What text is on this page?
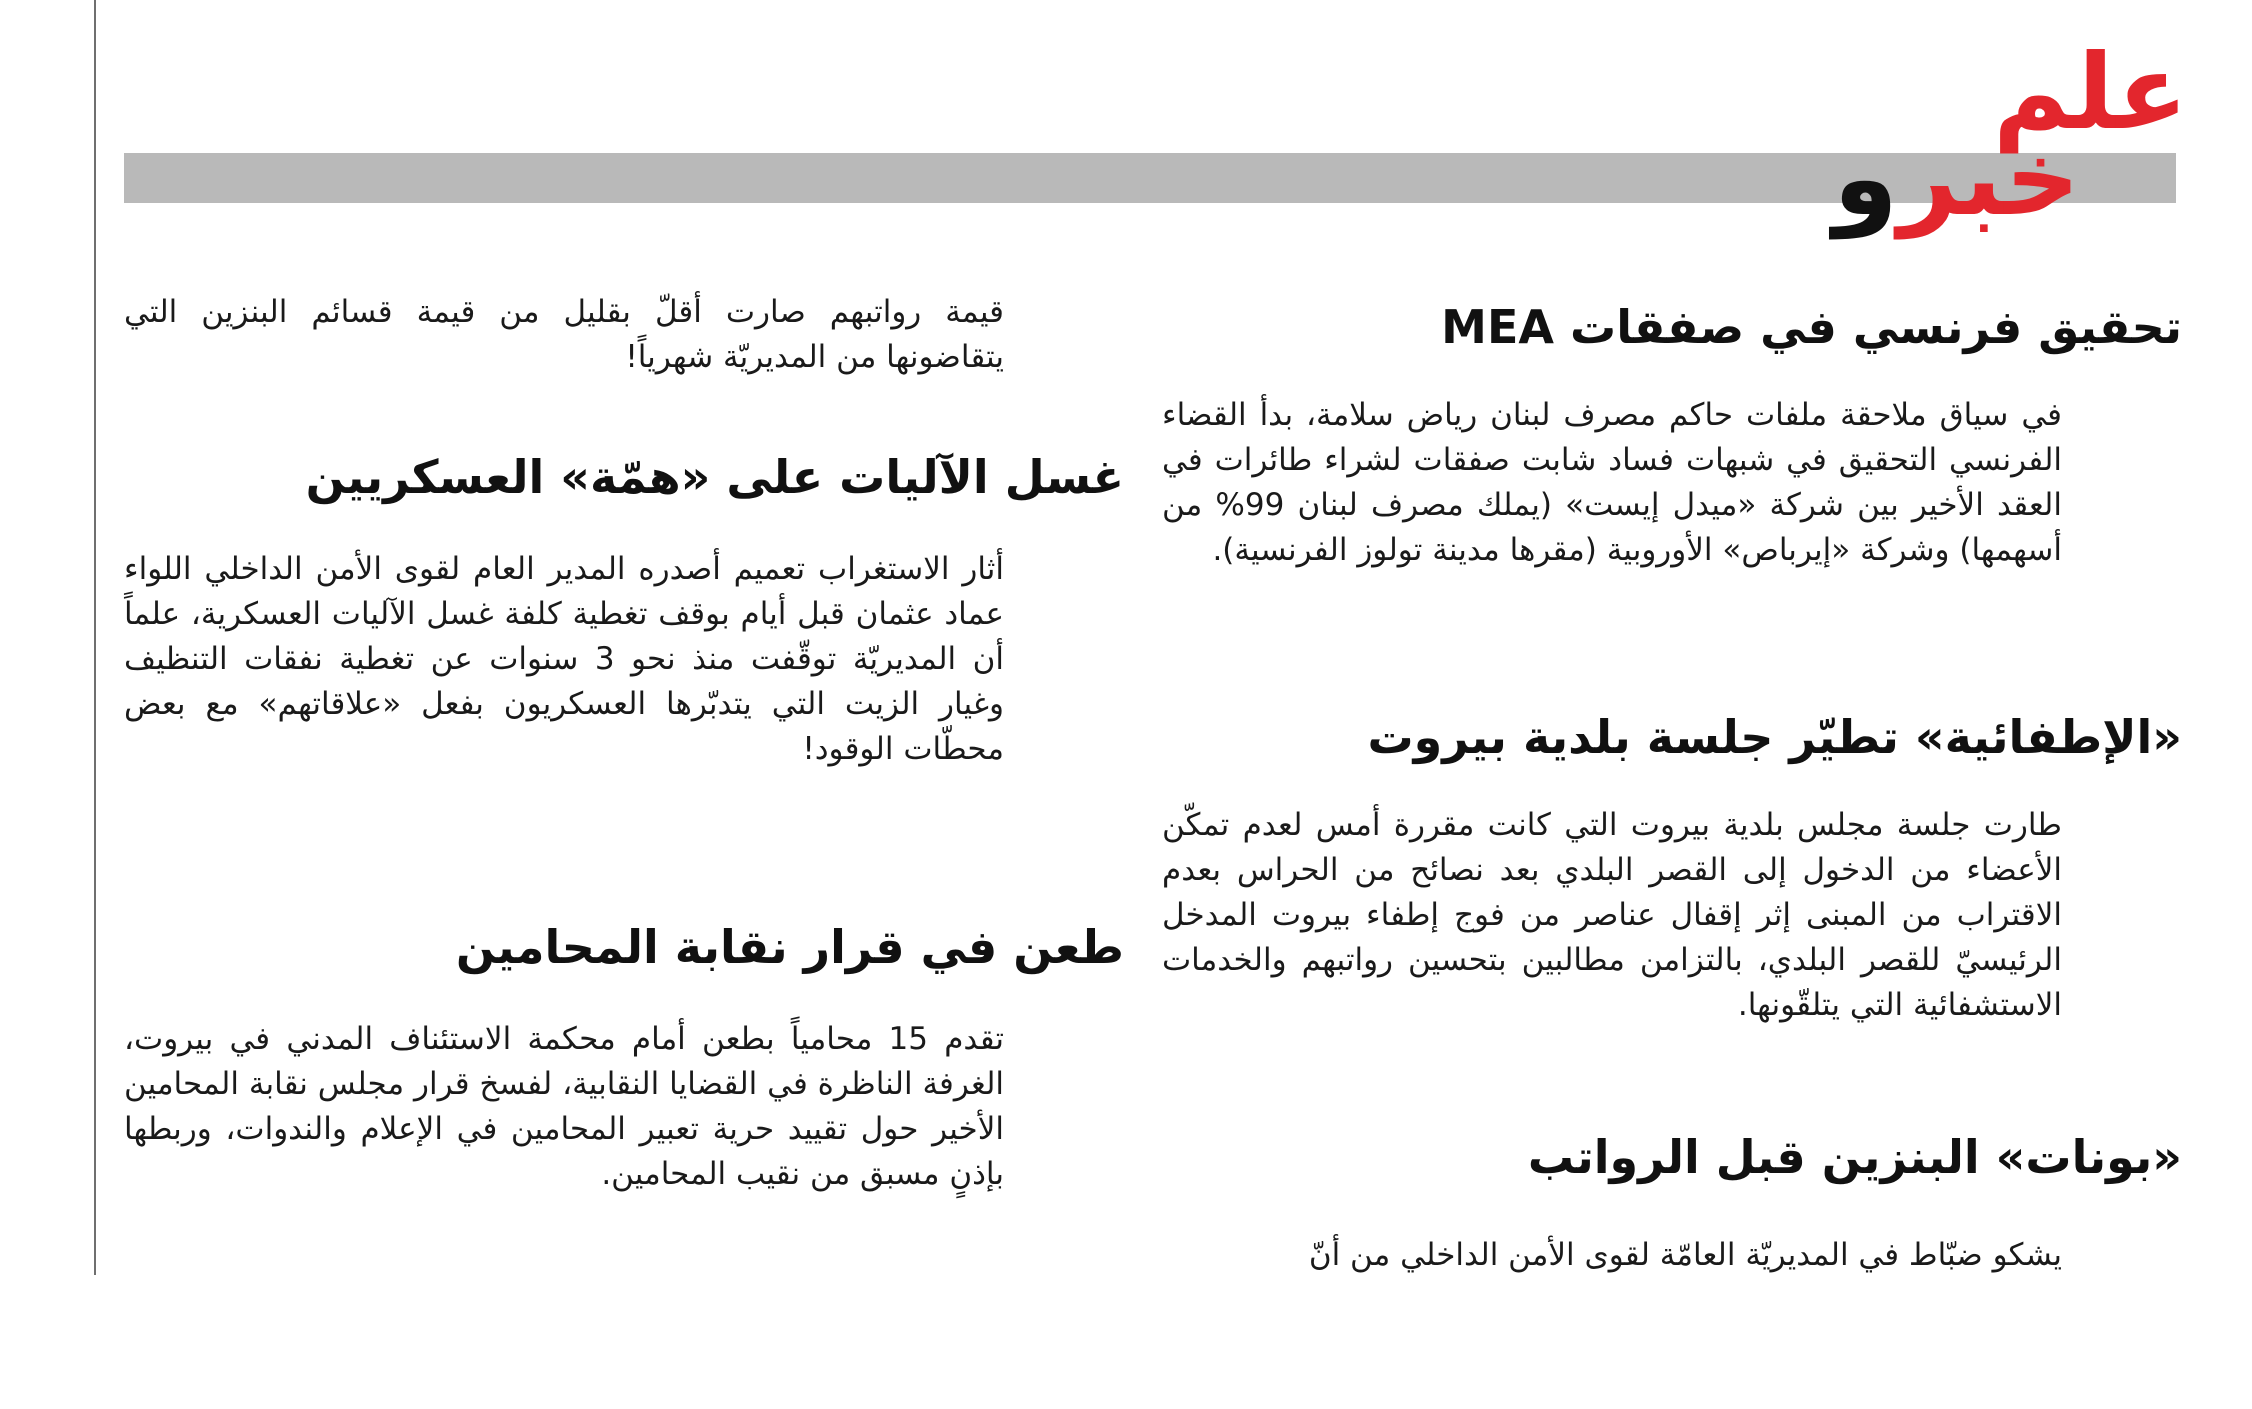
علم
خبرو
تحقيق فرنسي في صفقات MEA

في سياق ملاحقة ملفات حاكم مصرف لبنان رياض سلامة، بدأ القضاء الفرنسي التحقيق في شبهات فساد شابت صفقات لشراء طائرات في العقد الأخير بين شركة «ميدل إيست» (يملك مصرف لبنان 99% من أسهمها) وشركة «إيرباص» الأوروبية (مقرها مدينة تولوز الفرنسية).

«الإطفائية» تطيّر جلسة بلدية بيروت

طارت جلسة مجلس بلدية بيروت التي كانت مقررة أمس لعدم تمكّن الأعضاء من الدخول إلى القصر البلدي بعد نصائح من الحراس بعدم الاقتراب من المبنى إثر إقفال عناصر من فوج إطفاء بيروت المدخل الرئيسيّ للقصر البلدي، بالتزامن مطالبين بتحسين رواتبهم والخدمات الاستشفائية التي يتلقّونها.

«بونات» البنزين قبل الرواتب

يشكو ضبّاط في المديريّة العامّة لقوى الأمن الداخلي من أنّ

قيمة رواتبهم صارت أقلّ بقليل من قيمة قسائم البنزين التي يتقاضونها من المديريّة شهرياً!

غسل الآليات على «همّة» العسكريين

أثار الاستغراب تعميم أصدره المدير العام لقوى الأمن الداخلي اللواء عماد عثمان قبل أيام بوقف تغطية كلفة غسل الآليات العسكرية، علماً أن المديريّة توقّفت منذ نحو 3 سنوات عن تغطية نفقات التنظيف وغيار الزيت التي يتدبّرها العسكريون بفعل «علاقاتهم» مع بعض محطّات الوقود!

طعن في قرار نقابة المحامين

تقدم 15 محامياً بطعن أمام محكمة الاستئناف المدني في بيروت، الغرفة الناظرة في القضايا النقابية، لفسخ قرار مجلس نقابة المحامين الأخير حول تقييد حرية تعبير المحامين في الإعلام والندوات، وربطها بإذنٍ مسبق من نقيب المحامين.
